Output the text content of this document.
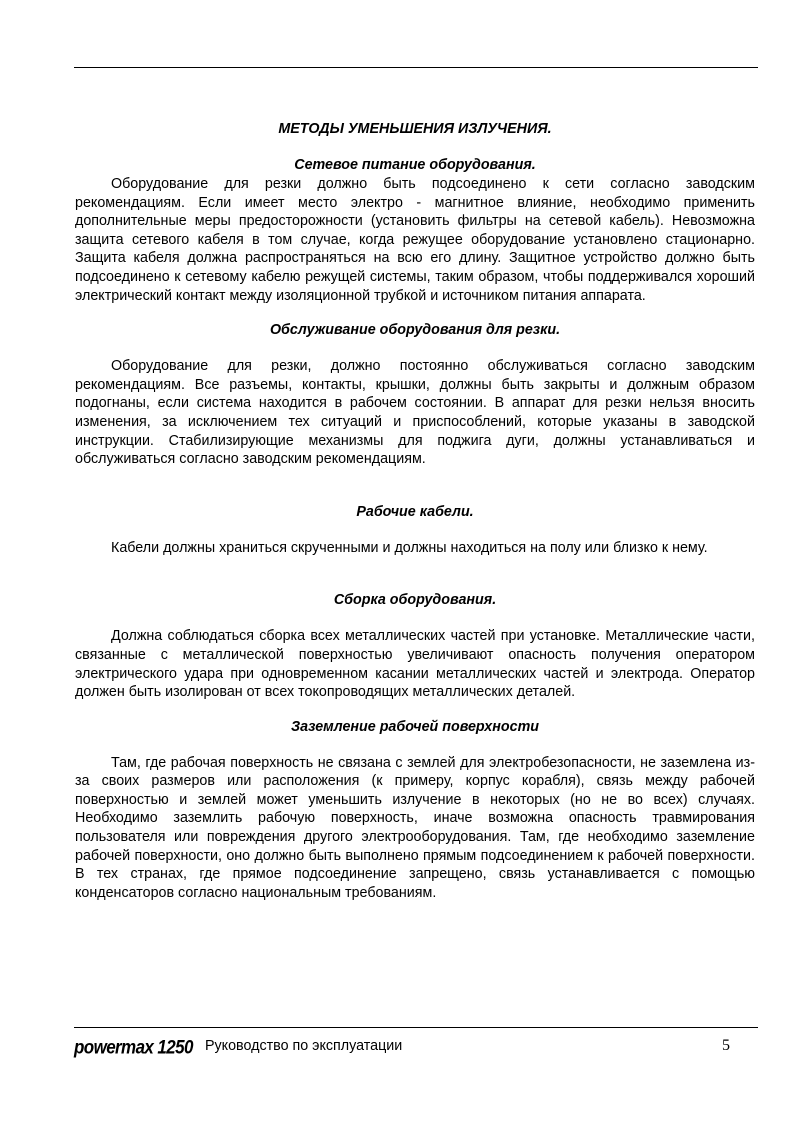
МЕТОДЫ УМЕНЬШЕНИЯ ИЗЛУЧЕНИЯ.
Сетевое питание оборудования.

Оборудование для резки должно быть подсоединено к сети согласно заводским рекомендациям. Если имеет место электро - магнитное влияние, необходимо применить дополнительные меры предосторожности (установить фильтры на сетевой кабель). Невозможна защита сетевого кабеля в том случае, когда режущее оборудование установлено стационарно. Защита кабеля должна распространяться на всю его длину. Защитное устройство должно быть подсоединено к сетевому кабелю режущей системы, таким образом, чтобы поддерживался хороший электрический контакт между изоляционной трубкой и источником питания аппарата.

Обслуживание оборудования для резки.

Оборудование для резки, должно постоянно обслуживаться согласно заводским рекомендациям. Все разъемы, контакты, крышки, должны быть закрыты и должным образом подогнаны, если система находится в рабочем состоянии. В аппарат для резки нельзя вносить изменения, за исключением тех ситуаций и приспособлений, которые указаны в заводской инструкции. Стабилизирующие механизмы для поджига дуги, должны устанавливаться и обслуживаться согласно заводским рекомендациям.

Рабочие кабели.

Кабели должны храниться скрученными и должны находиться на полу или близко к нему.

Сборка оборудования.

Должна соблюдаться сборка всех металлических частей при установке. Металлические части, связанные с металлической поверхностью увеличивают опасность получения оператором электрического удара при одновременном касании металлических частей и электрода. Оператор должен быть изолирован от всех токопроводящих металлических деталей.

Заземление рабочей поверхности

Там, где рабочая поверхность не связана с землей для электробезопасности, не заземлена из-за своих размеров или расположения (к примеру, корпус корабля), связь между рабочей поверхностью и землей может уменьшить излучение в некоторых (но не во всех) случаях. Необходимо заземлить рабочую поверхность, иначе возможна опасность травмирования пользователя или повреждения другого электрооборудования. Там, где необходимо заземление рабочей поверхности, оно должно быть выполнено прямым подсоединением к рабочей поверхности. В тех странах, где прямое подсоединение запрещено, связь устанавливается с помощью конденсаторов согласно национальным требованиям.

powermax 1250 Руководство по эксплуатации	5
